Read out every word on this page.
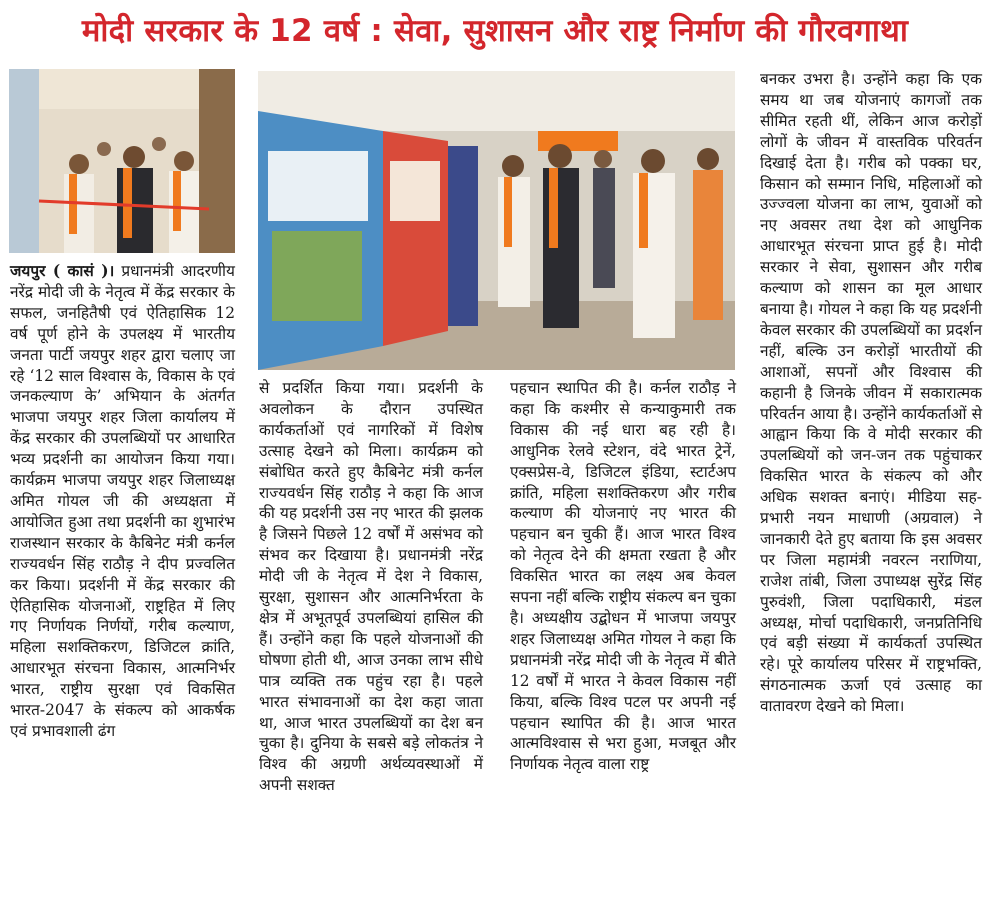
मोदी सरकार के 12 वर्ष : सेवा, सुशासन और राष्ट्र निर्माण की गौरवगाथा

जयपुर ( कासं )। प्रधानमंत्री आदरणीय नरेंद्र मोदी जी के नेतृत्व में केंद्र सरकार के सफल, जनहितैषी एवं ऐतिहासिक 12 वर्ष पूर्ण होने के उपलक्ष्य में भारतीय जनता पार्टी जयपुर शहर द्वारा चलाए जा रहे ‘12 साल विश्वास के, विकास के एवं जनकल्याण के’ अभियान के अंतर्गत भाजपा जयपुर शहर जिला कार्यालय में केंद्र सरकार की उपलब्धियों पर आधारित भव्य प्रदर्शनी का आयोजन किया गया। कार्यक्रम भाजपा जयपुर शहर जिलाध्यक्ष अमित गोयल जी की अध्यक्षता में आयोजित हुआ तथा प्रदर्शनी का शुभारंभ राजस्थान सरकार के कैबिनेट मंत्री कर्नल राज्यवर्धन सिंह राठौड़ ने दीप प्रज्वलित कर किया। प्रदर्शनी में केंद्र सरकार की ऐतिहासिक योजनाओं, राष्ट्रहित में लिए गए निर्णायक निर्णयों, गरीब कल्याण, महिला सशक्तिकरण, डिजिटल क्रांति, आधारभूत संरचना विकास, आत्मनिर्भर भारत, राष्ट्रीय सुरक्षा एवं विकसित भारत-2047 के संकल्प को आकर्षक एवं प्रभावशाली ढंग

से प्रदर्शित किया गया। प्रदर्शनी के अवलोकन के दौरान उपस्थित कार्यकर्ताओं एवं नागरिकों में विशेष उत्साह देखने को मिला। कार्यक्रम को संबोधित करते हुए कैबिनेट मंत्री कर्नल राज्यवर्धन सिंह राठौड़ ने कहा कि आज की यह प्रदर्शनी उस नए भारत की झलक है जिसने पिछले 12 वर्षों में असंभव को संभव कर दिखाया है। प्रधानमंत्री नरेंद्र मोदी जी के नेतृत्व में देश ने विकास, सुरक्षा, सुशासन और आत्मनिर्भरता के क्षेत्र में अभूतपूर्व उपलब्धियां हासिल की हैं। उन्होंने कहा कि पहले योजनाओं की घोषणा होती थी, आज उनका लाभ सीधे पात्र व्यक्ति तक पहुंच रहा है। पहले भारत संभावनाओं का देश कहा जाता था, आज भारत उपलब्धियों का देश बन चुका है। दुनिया के सबसे बड़े लोकतंत्र ने विश्व की अग्रणी अर्थव्यवस्थाओं में अपनी सशक्त

पहचान स्थापित की है। कर्नल राठौड़ ने कहा कि कश्मीर से कन्याकुमारी तक विकास की नई धारा बह रही है। आधुनिक रेलवे स्टेशन, वंदे भारत ट्रेनें, एक्सप्रेस-वे, डिजिटल इंडिया, स्टार्टअप क्रांति, महिला सशक्तिकरण और गरीब कल्याण की योजनाएं नए भारत की पहचान बन चुकी हैं। आज भारत विश्व को नेतृत्व देने की क्षमता रखता है और विकसित भारत का लक्ष्य अब केवल सपना नहीं बल्कि राष्ट्रीय संकल्प बन चुका है। अध्यक्षीय उद्बोधन में भाजपा जयपुर शहर जिलाध्यक्ष अमित गोयल ने कहा कि प्रधानमंत्री नरेंद्र मोदी जी के नेतृत्व में बीते 12 वर्षों में भारत ने केवल विकास नहीं किया, बल्कि विश्व पटल पर अपनी नई पहचान स्थापित की है। आज भारत आत्मविश्वास से भरा हुआ, मजबूत और निर्णायक नेतृत्व वाला राष्ट्र

बनकर उभरा है। उन्होंने कहा कि एक समय था जब योजनाएं कागजों तक सीमित रहती थीं, लेकिन आज करोड़ों लोगों के जीवन में वास्तविक परिवर्तन दिखाई देता है। गरीब को पक्का घर, किसान को सम्मान निधि, महिलाओं को उज्ज्वला योजना का लाभ, युवाओं को नए अवसर तथा देश को आधुनिक आधारभूत संरचना प्राप्त हुई है। मोदी सरकार ने सेवा, सुशासन और गरीब कल्याण को शासन का मूल आधार बनाया है। गोयल ने कहा कि यह प्रदर्शनी केवल सरकार की उपलब्धियों का प्रदर्शन नहीं, बल्कि उन करोड़ों भारतीयों की आशाओं, सपनों और विश्वास की कहानी है जिनके जीवन में सकारात्मक परिवर्तन आया है। उन्होंने कार्यकर्ताओं से आह्वान किया कि वे मोदी सरकार की उपलब्धियों को जन-जन तक पहुंचाकर विकसित भारत के संकल्प को और अधिक सशक्त बनाएं। मीडिया सह-प्रभारी नयन माधाणी (अग्रवाल) ने जानकारी देते हुए बताया कि इस अवसर पर जिला महामंत्री नवरत्न नराणिया, राजेश तांबी, जिला उपाध्यक्ष सुरेंद्र सिंह पुरुवंशी, जिला पदाधिकारी, मंडल अध्यक्ष, मोर्चा पदाधिकारी, जनप्रतिनिधि एवं बड़ी संख्या में कार्यकर्ता उपस्थित रहे। पूरे कार्यालय परिसर में राष्ट्रभक्ति, संगठनात्मक ऊर्जा एवं उत्साह का वातावरण देखने को मिला।
